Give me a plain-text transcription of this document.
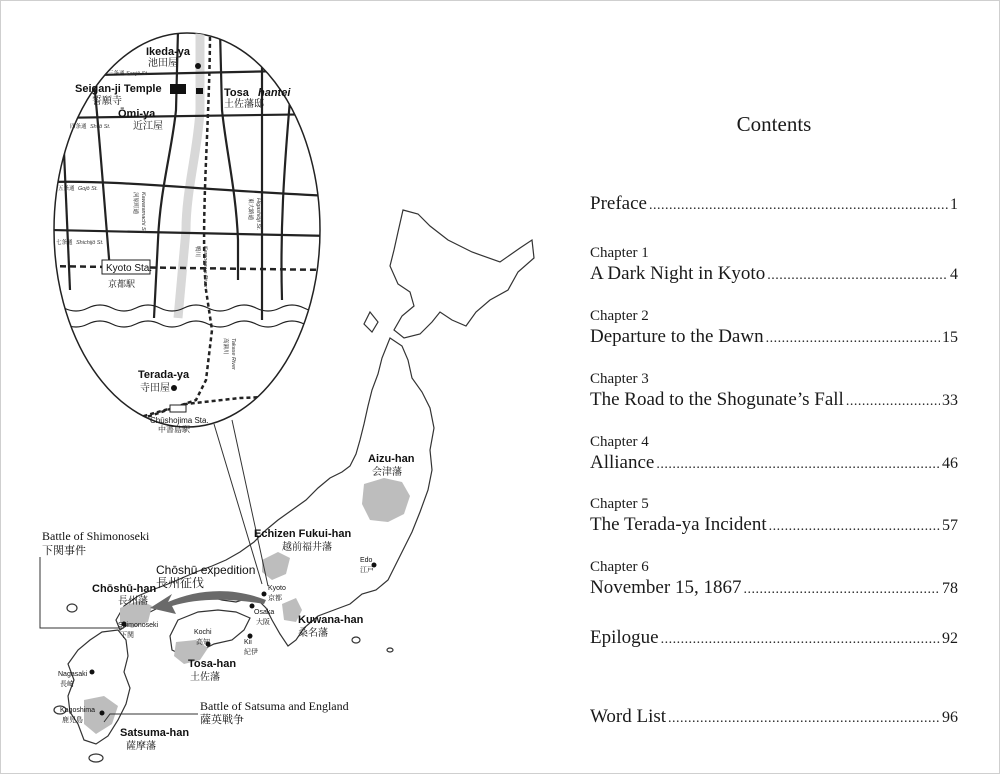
Ikeda-ya
池田屋
Seigan-ji Temple
誓願寺
Ōmi-ya
近江屋
Tosa hantei
土佐藩邸
Terada-ya
寺田屋
Kyoto Sta.
京都駅
Chūshojima Sta.
中書島駅
三条通 Sanjō St.
四条通 Shijō St.
五条通 Gojō St.
七条通 Shichijō St.
河原町通 Kawaramachi St.	東大路通 Higashiōji St.
鴨川 Kamogawa River
高瀬川 Takase River
Aizu-han
会津藩
Echizen Fukui-han
越前福井藩
Chōshū-han
長州藩
Kuwana-han
桑名藩
Tosa-han
土佐藩
Satsuma-han
薩摩藩
Battle of Shimonoseki
下関事件
Chōshū expedition
長州征伐
Battle of Satsuma and England
薩英戦争
Edo
江戸
Kyoto
京都
Osaka
大阪
Kochi
高知	Kii
紀伊
Shimonoseki
下関
Nagasaki
長崎
Kagoshima
鹿児島
Contents
Preface .....	1
Chapter 1
A Dark Night in Kyoto .....	4
Chapter 2
Departure to the Dawn .....	15
Chapter 3
The Road to the Shogunate’s Fall .....	33
Chapter 4
Alliance .....	46
Chapter 5
The Terada-ya Incident .....	57
Chapter 6
November 15, 1867 .....	78
Epilogue .....	92
Word List .....	96
